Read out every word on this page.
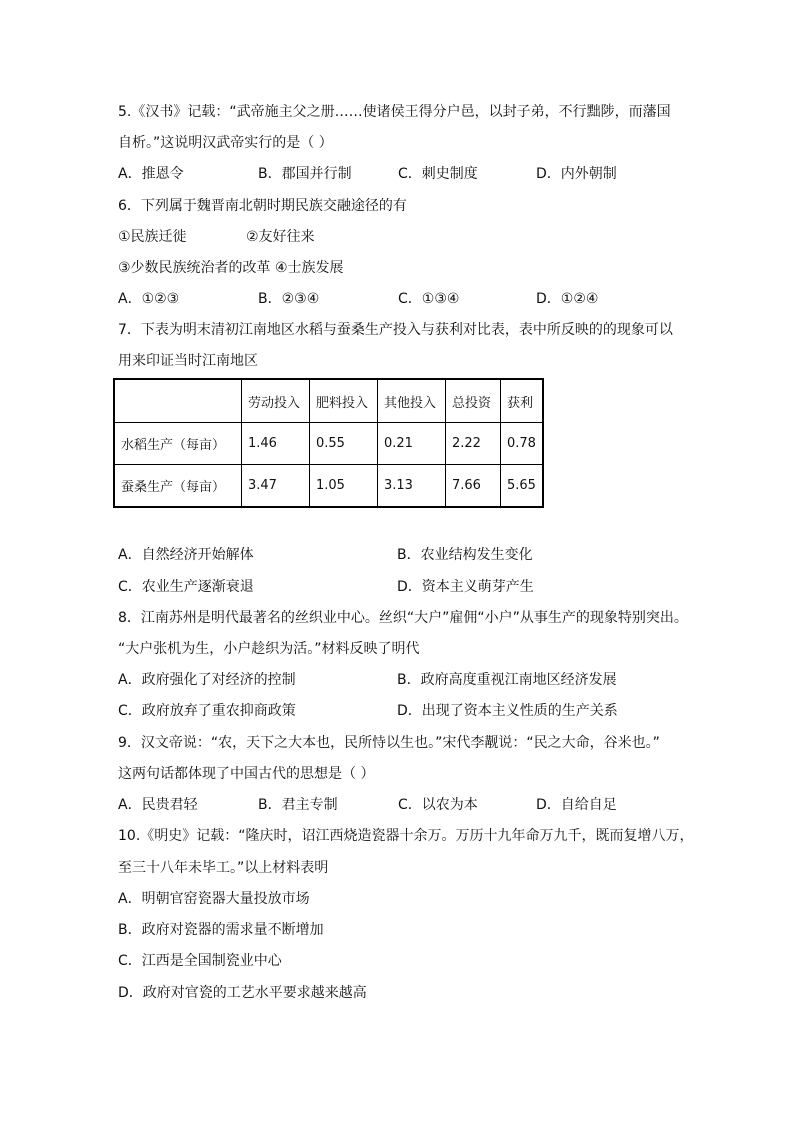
5.《汉书》记载：“武帝施主父之册……使诸侯王得分户邑，以封子弟，不行黜陟，而藩国
自析。”这说明汉武帝实行的是（ ）
A．推恩令	B．郡国并行制	C．刺史制度	D．内外朝制
6．下列属于魏晋南北朝时期民族交融途径的有
①民族迁徙	②友好往来
③少数民族统治者的改革 ④士族发展
A．①②③	B．②③④	C．①③④	D．①②④
7．下表为明末清初江南地区水稻与蚕桑生产投入与获利对比表，表中所反映的的现象可以
用来印证当时江南地区
	劳动投入	肥料投入	其他投入	总投资	获利
水稻生产（每亩）	1.46	0.55	0.21	2.22	0.78
蚕桑生产（每亩）	3.47	1.05	3.13	7.66	5.65
A．自然经济开始解体	B．农业结构发生变化
C．农业生产逐渐衰退	D．资本主义萌芽产生
8．江南苏州是明代最著名的丝织业中心。丝织“大户”雇佣“小户”从事生产的现象特别突出。
“大户张机为生，小户趁织为活。”材料反映了明代
A．政府强化了对经济的控制	B．政府高度重视江南地区经济发展
C．政府放弃了重农抑商政策	D．出现了资本主义性质的生产关系
9．汉文帝说：“农，天下之大本也，民所恃以生也。”宋代李觏说：“民之大命，谷米也。”
这两句话都体现了中国古代的思想是（ ）
A．民贵君轻	B．君主专制	C．以农为本	D．自给自足
10.《明史》记载：“隆庆时，诏江西烧造瓷器十余万。万历十九年命万九千，既而复增八万，
至三十八年未毕工。”以上材料表明
A．明朝官窑瓷器大量投放市场
B．政府对瓷器的需求量不断增加
C．江西是全国制瓷业中心
D．政府对官瓷的工艺水平要求越来越高
